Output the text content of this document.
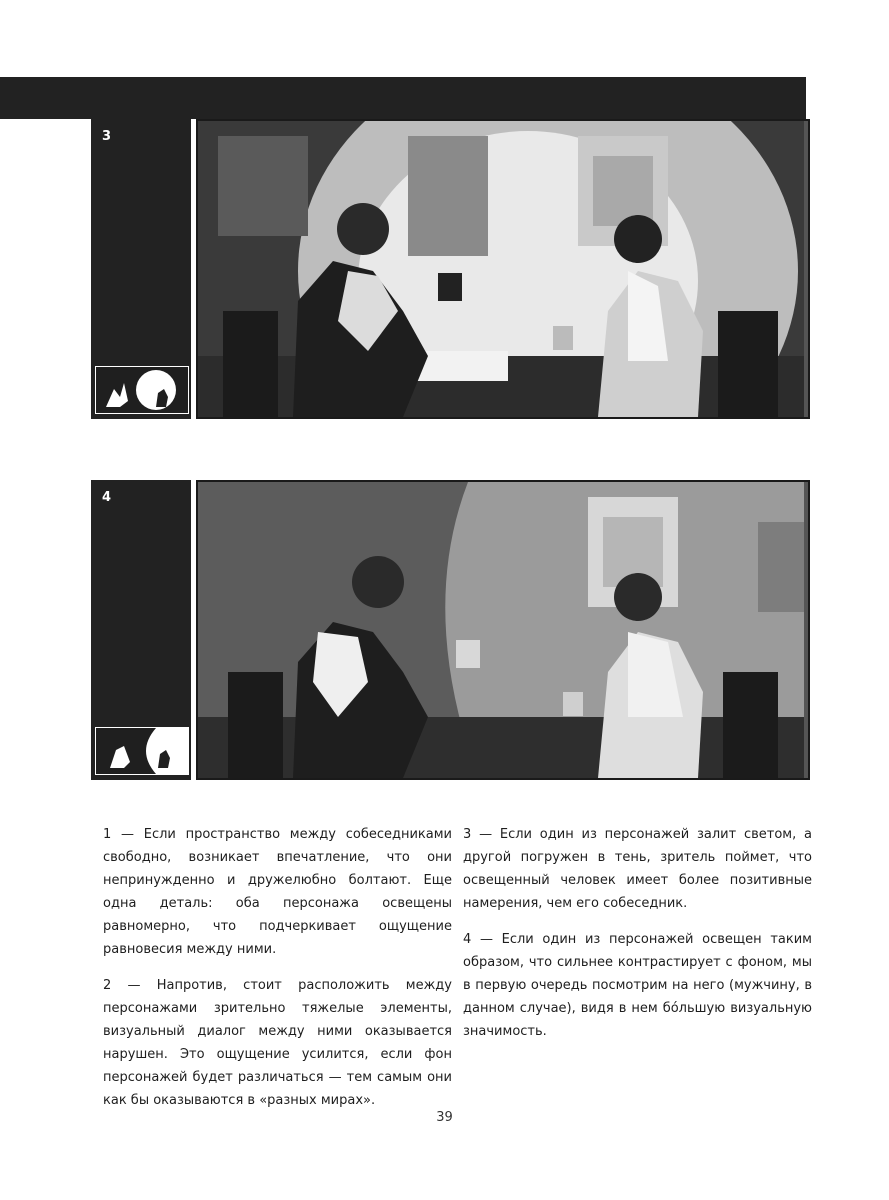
3
4

1 — Если пространство между собеседниками свободно, возникает впечатление, что они непринужденно и дружелюбно болтают. Еще одна деталь: оба персонажа освещены равномерно, что подчеркивает ощущение равновесия между ними.

2 — Напротив, стоит расположить между персонажами зрительно тяжелые элементы, визуальный диалог между ними оказывается нарушен. Это ощущение усилится, если фон персонажей будет различаться — тем самым они как бы оказываются в «разных мирах».

3 — Если один из персонажей залит светом, а другой погружен в тень, зритель поймет, что освещенный человек имеет более позитивные намерения, чем его собеседник.

4 — Если один из персонажей освещен таким образом, что сильнее контрастирует с фоном, мы в первую очередь посмотрим на него (мужчину, в данном случае), видя в нем бо́льшую визуальную значимость.

39
